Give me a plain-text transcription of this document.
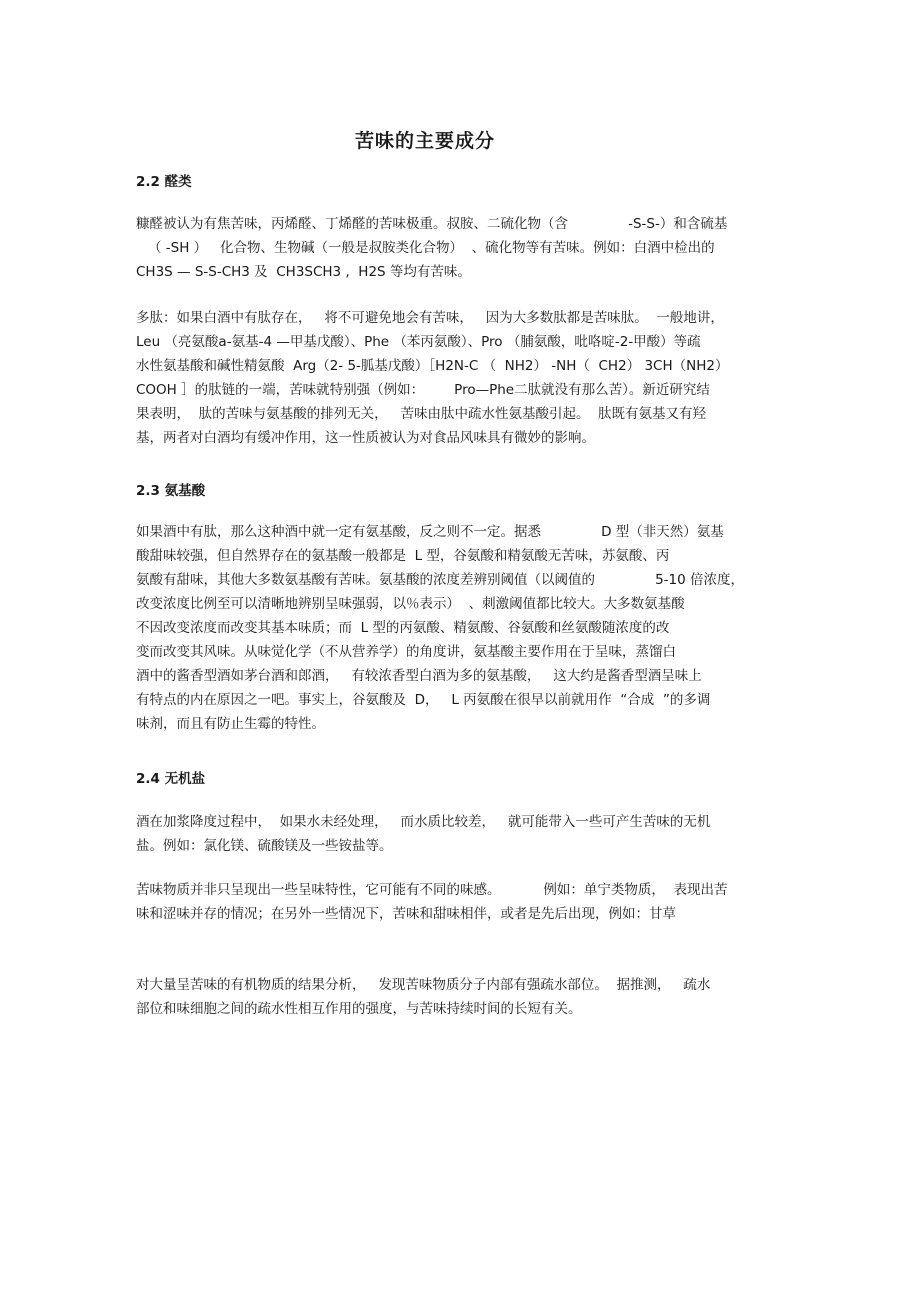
苦味的主要成分
2.2 醛类

糠醛被认为有焦苦味，丙烯醛、丁烯醛的苦味极重。叔胺、二硫化物（含              -S-S-）和含硫基
（ -SH ）   化合物、生物碱（一般是叔胺类化合物）  、硫化物等有苦味。例如：白酒中检出的
CH3S — S-S-CH3 及  CH3SCH3 ,  H2S 等均有苦味。

多肽：如果白酒中有肽存在，   将不可避免地会有苦味，   因为大多数肽都是苦味肽。  一般地讲，
Leu （亮氨酸a-氨基-4 —甲基戊酸）、Phe （苯丙氨酸）、Pro （脯氨酸，吡咯啶-2-甲酸）等疏
水性氨基酸和碱性精氨酸  Arg（2- 5-胍基戊酸）［H2N-C （  NH2） -NH（  CH2） 3CH（NH2）
COOH ］的肽链的一端，苦味就特别强（例如：       Pro—Phe二肽就没有那么苦）。新近研究结
果表明，  肽的苦味与氨基酸的排列无关，   苦味由肽中疏水性氨基酸引起。  肽既有氨基又有羟
基，两者对白酒均有缓冲作用，这一性质被认为对食品风味具有微妙的影响。

2.3 氨基酸

如果酒中有肽，那么这种酒中就一定有氨基酸，反之则不一定。据悉              D 型（非天然）氨基
酸甜味较强，但自然界存在的氨基酸一般都是  L 型，谷氨酸和精氨酸无苦味，苏氨酸、丙
氨酸有甜味，其他大多数氨基酸有苦味。氨基酸的浓度差辨别阈值（以阈值的              5-10 倍浓度，
改变浓度比例至可以清晰地辨别呈味强弱，以％表示）  、刺激阈值都比较大。大多数氨基酸
不因改变浓度而改变其基本味质；而  L 型的丙氨酸、精氨酸、谷氨酸和丝氨酸随浓度的改
变而改变其风味。从味觉化学（不从营养学）的角度讲，氨基酸主要作用在于呈味，蒸馏白
酒中的酱香型酒如茅台酒和郎酒，   有较浓香型白酒为多的氨基酸，   这大约是酱香型酒呈味上
有特点的内在原因之一吧。事实上，谷氨酸及  D，   L 丙氨酸在很早以前就用作  “合成  ”的多调
味剂，而且有防止生霉的特性。

2.4 无机盐

酒在加浆降度过程中，  如果水未经处理，   而水质比较差，   就可能带入一些可产生苦味的无机
盐。例如：氯化镁、硫酸镁及一些铵盐等。

苦味物质并非只呈现出一些呈味特性，它可能有不同的味感。          例如：单宁类物质，  表现出苦
味和涩味并存的情况；在另外一些情况下，苦味和甜味相伴，或者是先后出现，例如：甘草

对大量呈苦味的有机物质的结果分析，   发现苦味物质分子内部有强疏水部位。  据推测，   疏水
部位和味细胞之间的疏水性相互作用的强度，与苦味持续时间的长短有关。
